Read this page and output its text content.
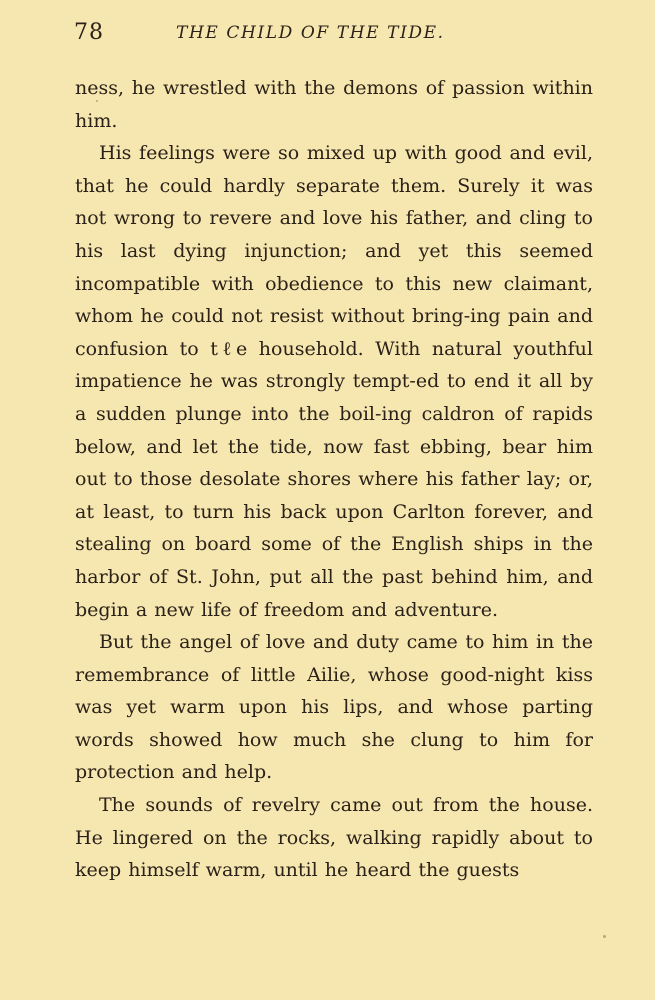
78	THE CHILD OF THE TIDE.

ness, he wrestled with the demons of passion within him.

His feelings were so mixed up with good and evil, that he could hardly separate them. Surely it was not wrong to revere and love his father, and cling to his last dying injunction; and yet this seemed incompatible with obedience to this new claimant, whom he could not resist without bring-ing pain and confusion to tℓe household. With natural youthful impatience he was strongly tempt-ed to end it all by a sudden plunge into the boil-ing caldron of rapids below, and let the tide, now fast ebbing, bear him out to those desolate shores where his father lay; or, at least, to turn his back upon Carlton forever, and stealing on board some of the English ships in the harbor of St. John, put all the past behind him, and begin a new life of freedom and adventure.

But the angel of love and duty came to him in the remembrance of little Ailie, whose good-night kiss was yet warm upon his lips, and whose parting words showed how much she clung to him for protection and help.

The sounds of revelry came out from the house. He lingered on the rocks, walking rapidly about to keep himself warm, until he heard the guests
